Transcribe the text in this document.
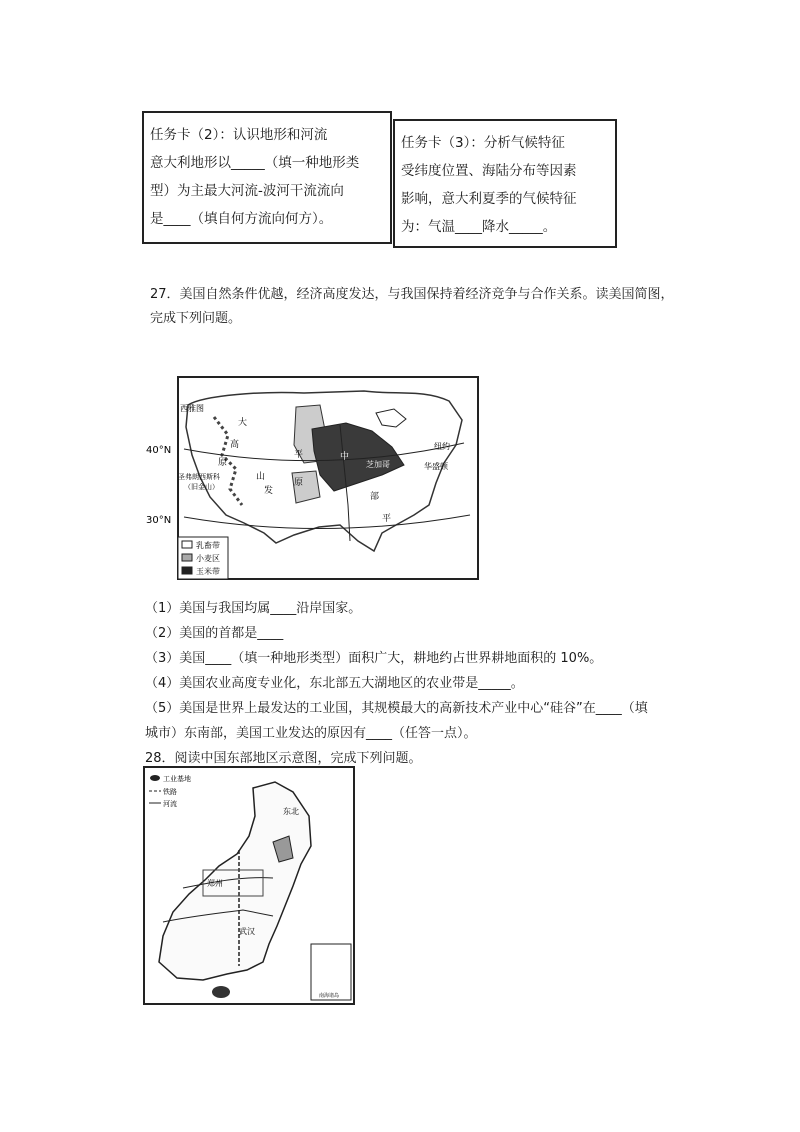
任务卡（2）：认识地形和河流
意大利地形以_____（填一种地形类
型）为主最大河流-波河干流流向
是____（填自何方流向何方）。
任务卡（3）：分析气候特征
受纬度位置、海陆分布等因素
影响，意大利夏季的气候特征
为：气温____降水_____。
27．美国自然条件优越，经济高度发达，与我国保持着经济竞争与合作关系。读美国简图，
完成下列问题。
40°N
30°N
西雅图
大
高
原
圣弗朗西斯科
（旧金山）
山
发
中
芝加哥
纽约
华盛顿
平
原
部
平
乳畜带
小麦区
玉米带
（1）美国与我国均属____沿岸国家。
（2）美国的首都是____
（3）美国____（填一种地形类型）面积广大，耕地约占世界耕地面积的 10%。
（4）美国农业高度专业化，东北部五大湖地区的农业带是_____。
（5）美国是世界上最发达的工业国，其规模最大的高新技术产业中心“硅谷”在____（填
城市）东南部，美国工业发达的原因有____（任答一点）。
28．阅读中国东部地区示意图，完成下列问题。
南海诸岛
工业基地
铁路
河流
东北
郑州
武汉
